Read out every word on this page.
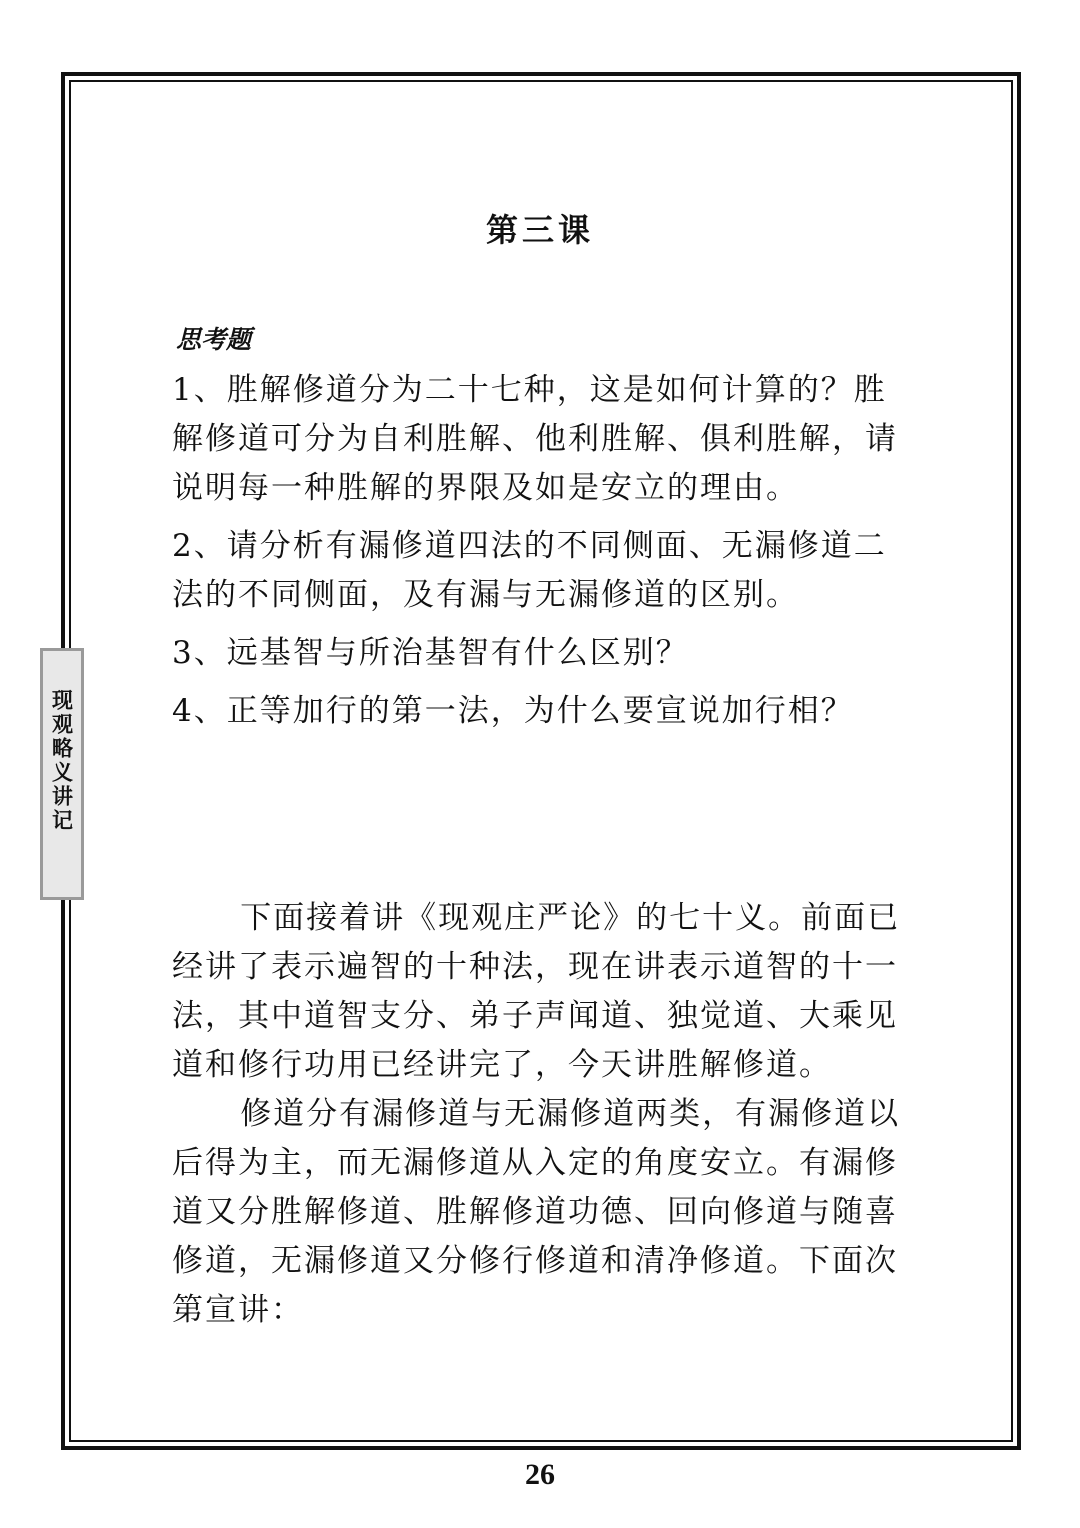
现观略义讲记
第三课
思考题
1、胜解修道分为二十七种，这是如何计算的？胜解修道可分为自利胜解、他利胜解、俱利胜解，请说明每一种胜解的界限及如是安立的理由。
2、请分析有漏修道四法的不同侧面、无漏修道二法的不同侧面，及有漏与无漏修道的区别。
3、远基智与所治基智有什么区别？
4、正等加行的第一法，为什么要宣说加行相？

下面接着讲《现观庄严论》的七十义。前面已经讲了表示遍智的十种法，现在讲表示道智的十一法，其中道智支分、弟子声闻道、独觉道、大乘见道和修行功用已经讲完了，今天讲胜解修道。

修道分有漏修道与无漏修道两类，有漏修道以后得为主，而无漏修道从入定的角度安立。有漏修道又分胜解修道、胜解修道功德、回向修道与随喜修道，无漏修道又分修行修道和清净修道。下面次第宣讲：

26
